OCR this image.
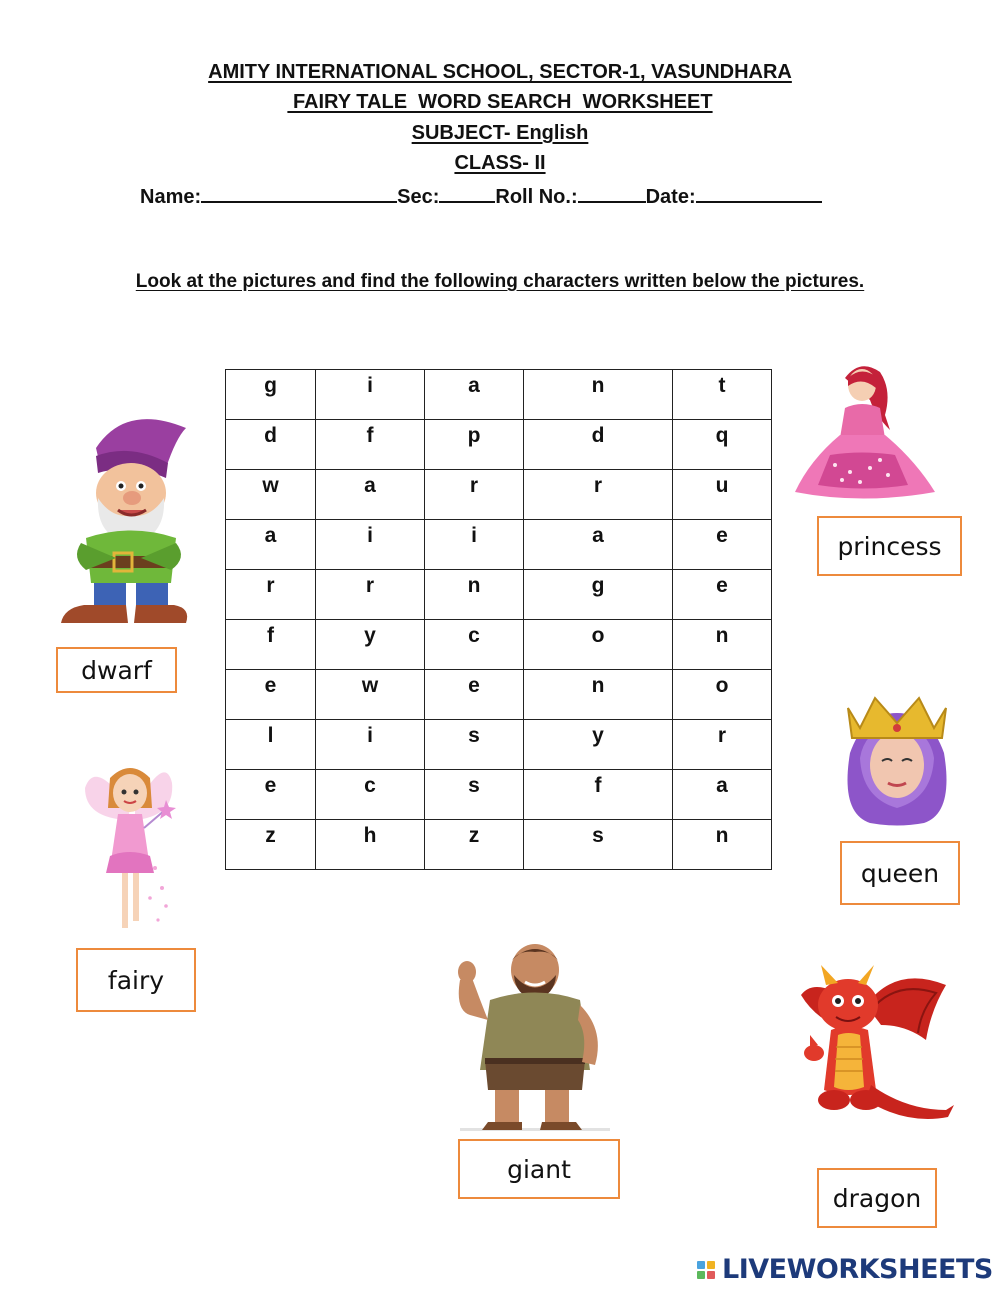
AMITY INTERNATIONAL SCHOOL, SECTOR-1, VASUNDHARA
FAIRY TALE  WORD SEARCH  WORKSHEET
SUBJECT- English
CLASS- II
Name:	Sec:	Roll No.:	Date:
Look at the pictures and find the following characters written below the pictures.
g	i	a	n	t
d	f	p	d	q
w	a	r	r	u
a	i	i	a	e
r	r	n	g	e
f	y	c	o	n
e	w	e	n	o
l	i	s	y	r
e	c	s	f	a
z	h	z	s	n
dwarf
princess
fairy
queen
giant
dragon
LIVEWORKSHEETS
